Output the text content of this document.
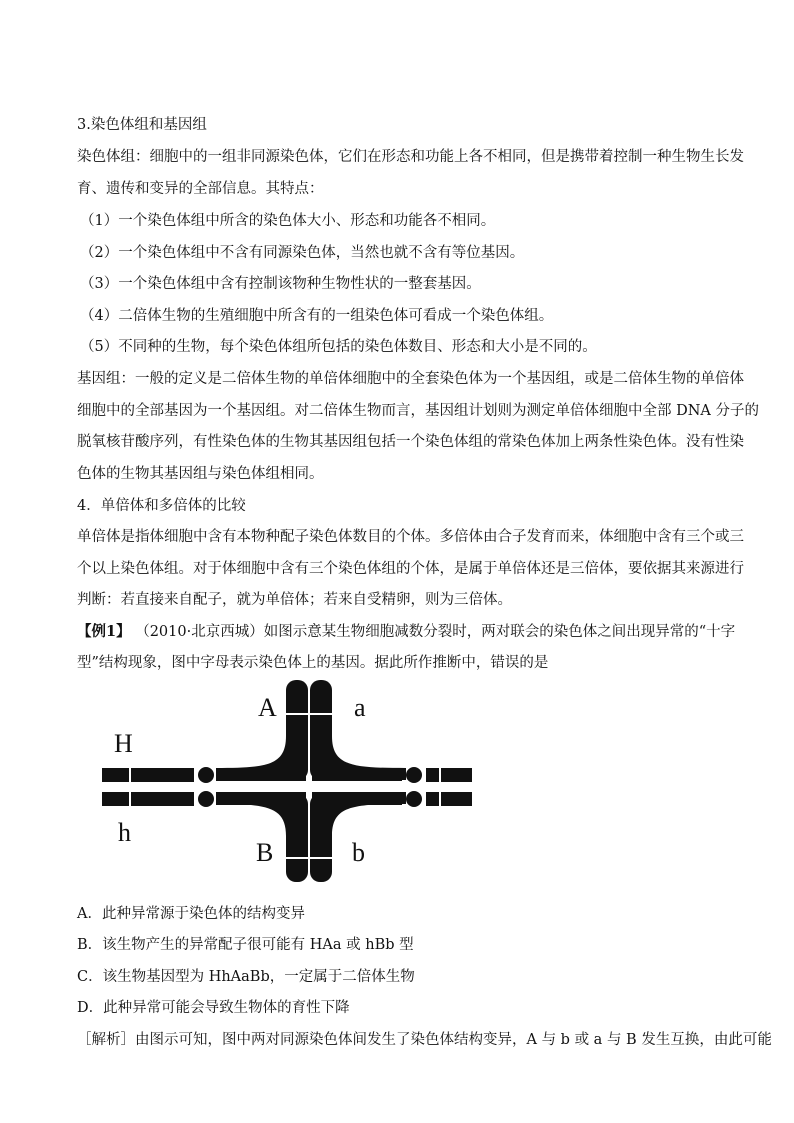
3.染色体组和基因组
染色体组：细胞中的一组非同源染色体，它们在形态和功能上各不相同，但是携带着控制一种生物生长发
育、遗传和变异的全部信息。其特点：
（1）一个染色体组中所含的染色体大小、形态和功能各不相同。
（2）一个染色体组中不含有同源染色体，当然也就不含有等位基因。
（3）一个染色体组中含有控制该物种生物性状的一整套基因。
（4）二倍体生物的生殖细胞中所含有的一组染色体可看成一个染色体组。
（5）不同种的生物，每个染色体组所包括的染色体数目、形态和大小是不同的。
基因组：一般的定义是二倍体生物的单倍体细胞中的全套染色体为一个基因组，或是二倍体生物的单倍体
细胞中的全部基因为一个基因组。对二倍体生物而言，基因组计划则为测定单倍体细胞中全部 DNA 分子的
脱氧核苷酸序列，有性染色体的生物其基因组包括一个染色体组的常染色体加上两条性染色体。没有性染
色体的生物其基因组与染色体组相同。
4．单倍体和多倍体的比较
单倍体是指体细胞中含有本物种配子染色体数目的个体。多倍体由合子发育而来，体细胞中含有三个或三
个以上染色体组。对于体细胞中含有三个染色体组的个体，是属于单倍体还是三倍体，要依据其来源进行
判断：若直接来自配子，就为单倍体；若来自受精卵，则为三倍体。
【例1】 （2010·北京西城）如图示意某生物细胞减数分裂时，两对联会的染色体之间出现异常的“十字
型”结构现象，图中字母表示染色体上的基因。据此所作推断中，错误的是
A	a
H
h
B	b
A．此种异常源于染色体的结构变异
B．该生物产生的异常配子很可能有 HAa 或 hBb 型
C．该生物基因型为 HhAaBb，一定属于二倍体生物
D．此种异常可能会导致生物体的育性下降
［解析］由图示可知，图中两对同源染色体间发生了染色体结构变异，A 与 b 或 a 与 B 发生互换，由此可能
